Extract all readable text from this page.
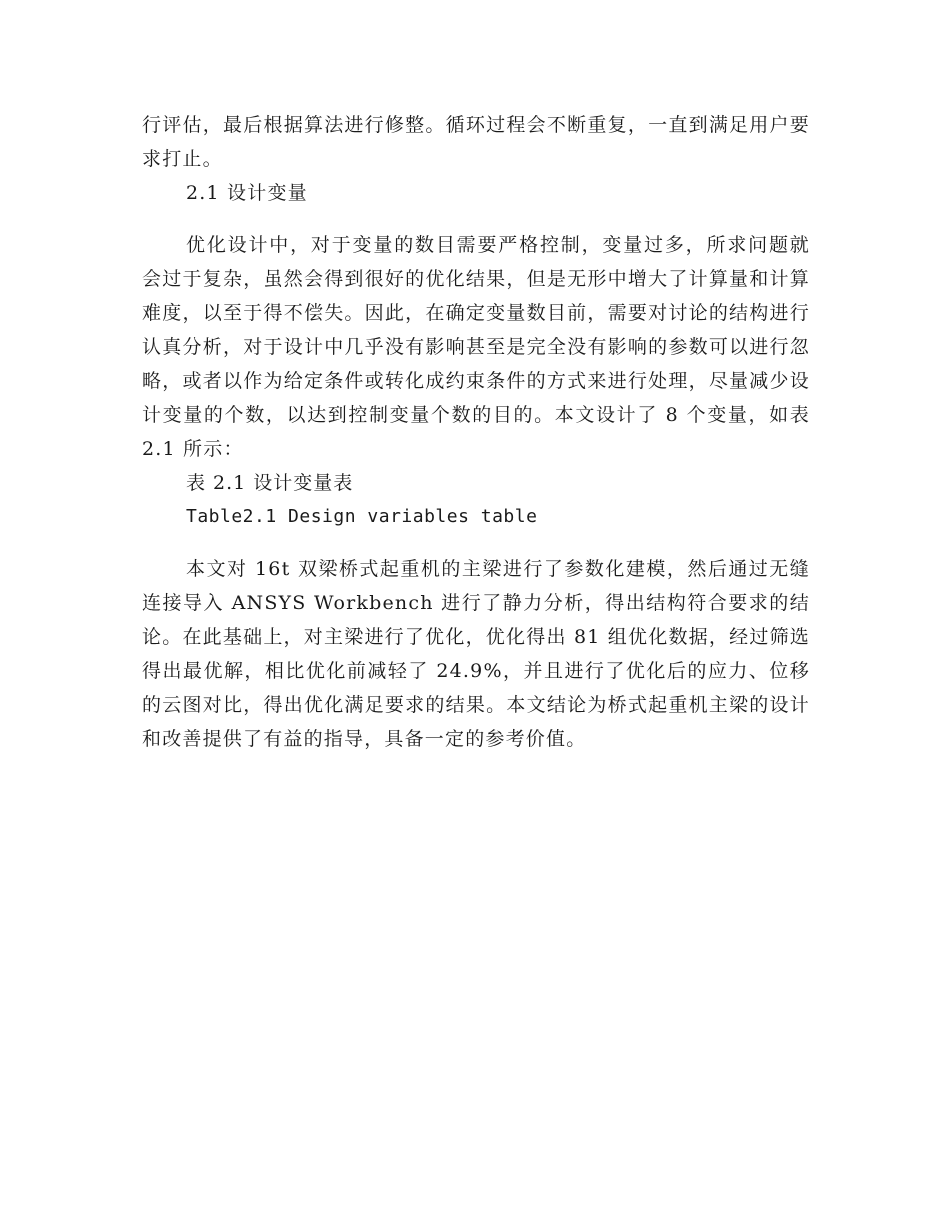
行评估，最后根据算法进行修整。循环过程会不断重复，一直到满足用户要求打止。

2.1 设计变量

优化设计中，对于变量的数目需要严格控制，变量过多，所求问题就会过于复杂，虽然会得到很好的优化结果，但是无形中增大了计算量和计算难度，以至于得不偿失。因此，在确定变量数目前，需要对讨论的结构进行认真分析，对于设计中几乎没有影响甚至是完全没有影响的参数可以进行忽略，或者以作为给定条件或转化成约束条件的方式来进行处理，尽量减少设计变量的个数，以达到控制变量个数的目的。本文设计了 8 个变量，如表 2.1 所示：

表 2.1 设计变量表

Table2.1 Design variables table

本文对 16t 双梁桥式起重机的主梁进行了参数化建模，然后通过无缝连接导入 ANSYS Workbench 进行了静力分析，得出结构符合要求的结论。在此基础上，对主梁进行了优化，优化得出 81 组优化数据，经过筛选得出最优解，相比优化前减轻了 24.9%，并且进行了优化后的应力、位移的云图对比，得出优化满足要求的结果。本文结论为桥式起重机主梁的设计和改善提供了有益的指导，具备一定的参考价值。
